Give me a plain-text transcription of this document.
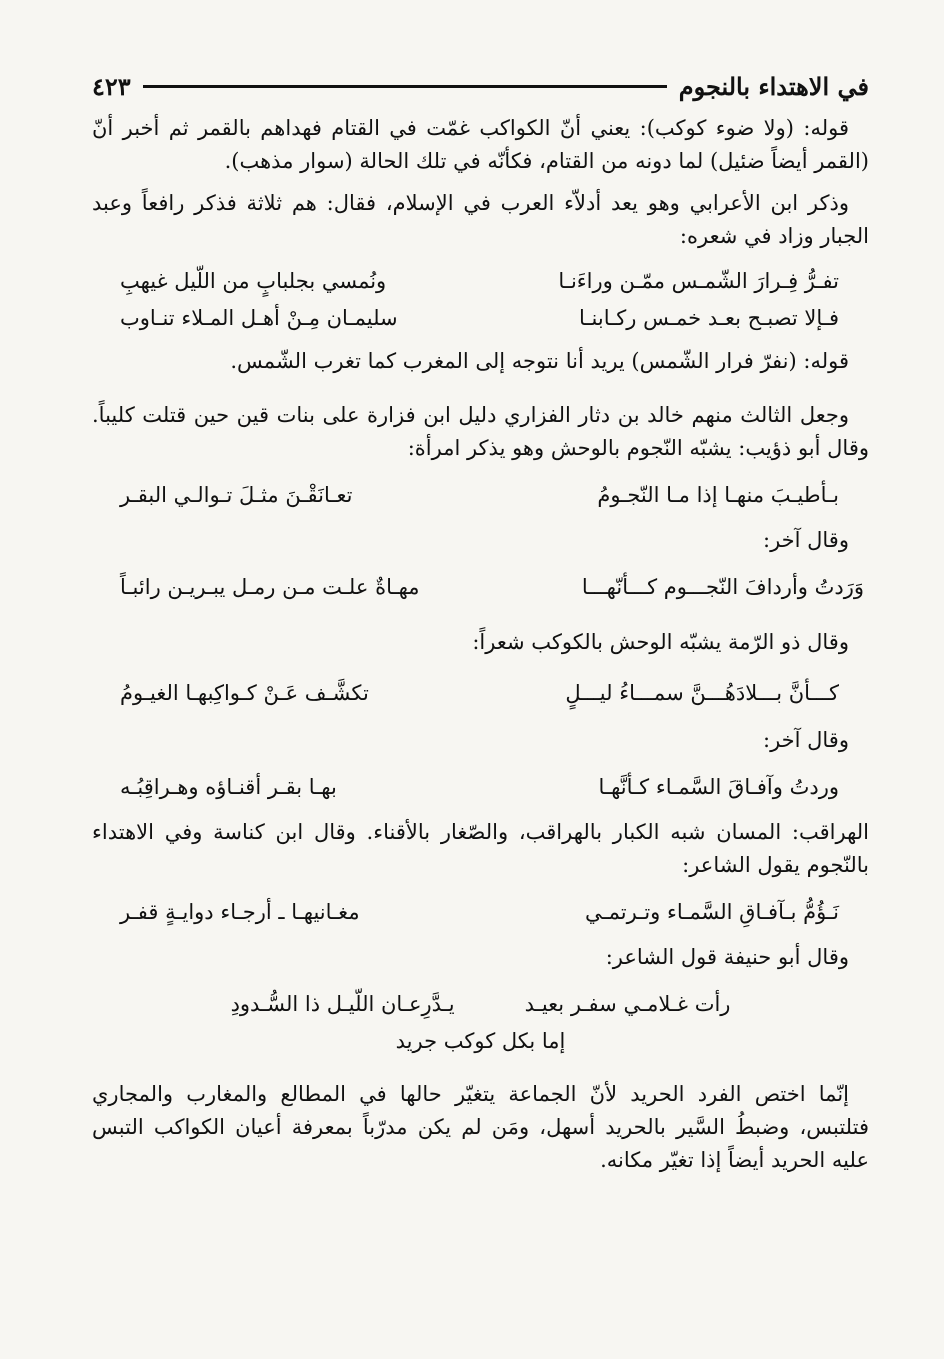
في الاهتداء بالنجوم
٤٢٣

قوله: (ولا ضوء كوكب): يعني أنّ الكواكب غمّت في القتام فهداهم بالقمر ثم أخبر أنّ (القمر أيضاً ضئيل) لما دونه من القتام، فكأنّه في تلك الحالة (سوار مذهب).

وذكر ابن الأعرابي وهو يعد أدلاّء العرب في الإسلام، فقال: هم ثلاثة فذكر رافعاً وعبد الجبار وزاد في شعره:

تفـرُّ فِـرارَ الشّمـس ممّـن وراءَنـا
ونُمسي بجلبابٍ من اللّيل غيهبِ
فـإلا تصبـح بعـد خمـس ركـابنـا
سليمـان مِـنْ أهـل المـلاء تنـاوب

قوله: (نفرّ فرار الشّمس) يريد أنا نتوجه إلى المغرب كما تغرب الشّمس.

وجعل الثالث منهم خالد بن دثار الفزاري دليل ابن فزارة على بنات قين حين قتلت كليباً. وقال أبو ذؤيب: يشبّه النّجوم بالوحش وهو يذكر امرأة:

بـأطيـبَ منهـا إذا مـا النّجـومُ
تعـانَقْـنَ مثـلَ تـوالـي البقـر

وقال آخر:

وَرَدتُ وأردافَ النّجـــوم كـــأنّهـــا
مهـاةٌ علـت مـن رمـل يبـريـن رائبـاً

وقال ذو الرّمة يشبّه الوحش بالكوكب شعراً:

كـــأنَّ بـــلادَهُـــنَّ سمـــاءُ ليـــلٍ
تكشَّـف عَـنْ كـواكِبهـا الغيـومُ

وقال آخر:

وردتُ وآفـاقَ السَّمـاء كـأنَّهـا
بهـا بقـر أقنـاؤه وهـراقِبُـه

الهراقب: المسان شبه الكبار بالهراقب، والصّغار بالأقناء. وقال ابن كناسة وفي الاهتداء بالنّجوم يقول الشاعر:

نَـؤُمُّ بـآفـاقِ السَّمـاء وتـرتمـي
مغـانيهـا ـ أرجـاء دوايـةٍ قفـر

وقال أبو حنيفة قول الشاعر:

رأت غـلامـي سفـر بعيـد
يـدَّرِعـان اللّيـل ذا السُّـدودِ
إما بكل كوكب جريد

إنّما اختص الفرد الحريد لأنّ الجماعة يتغيّر حالها في المطالع والمغارب والمجاري فتلتبس، وضبطُ السَّير بالحريد أسهل، ومَن لم يكن مدرّباً بمعرفة أعيان الكواكب التبس عليه الحريد أيضاً إذا تغيّر مكانه.
